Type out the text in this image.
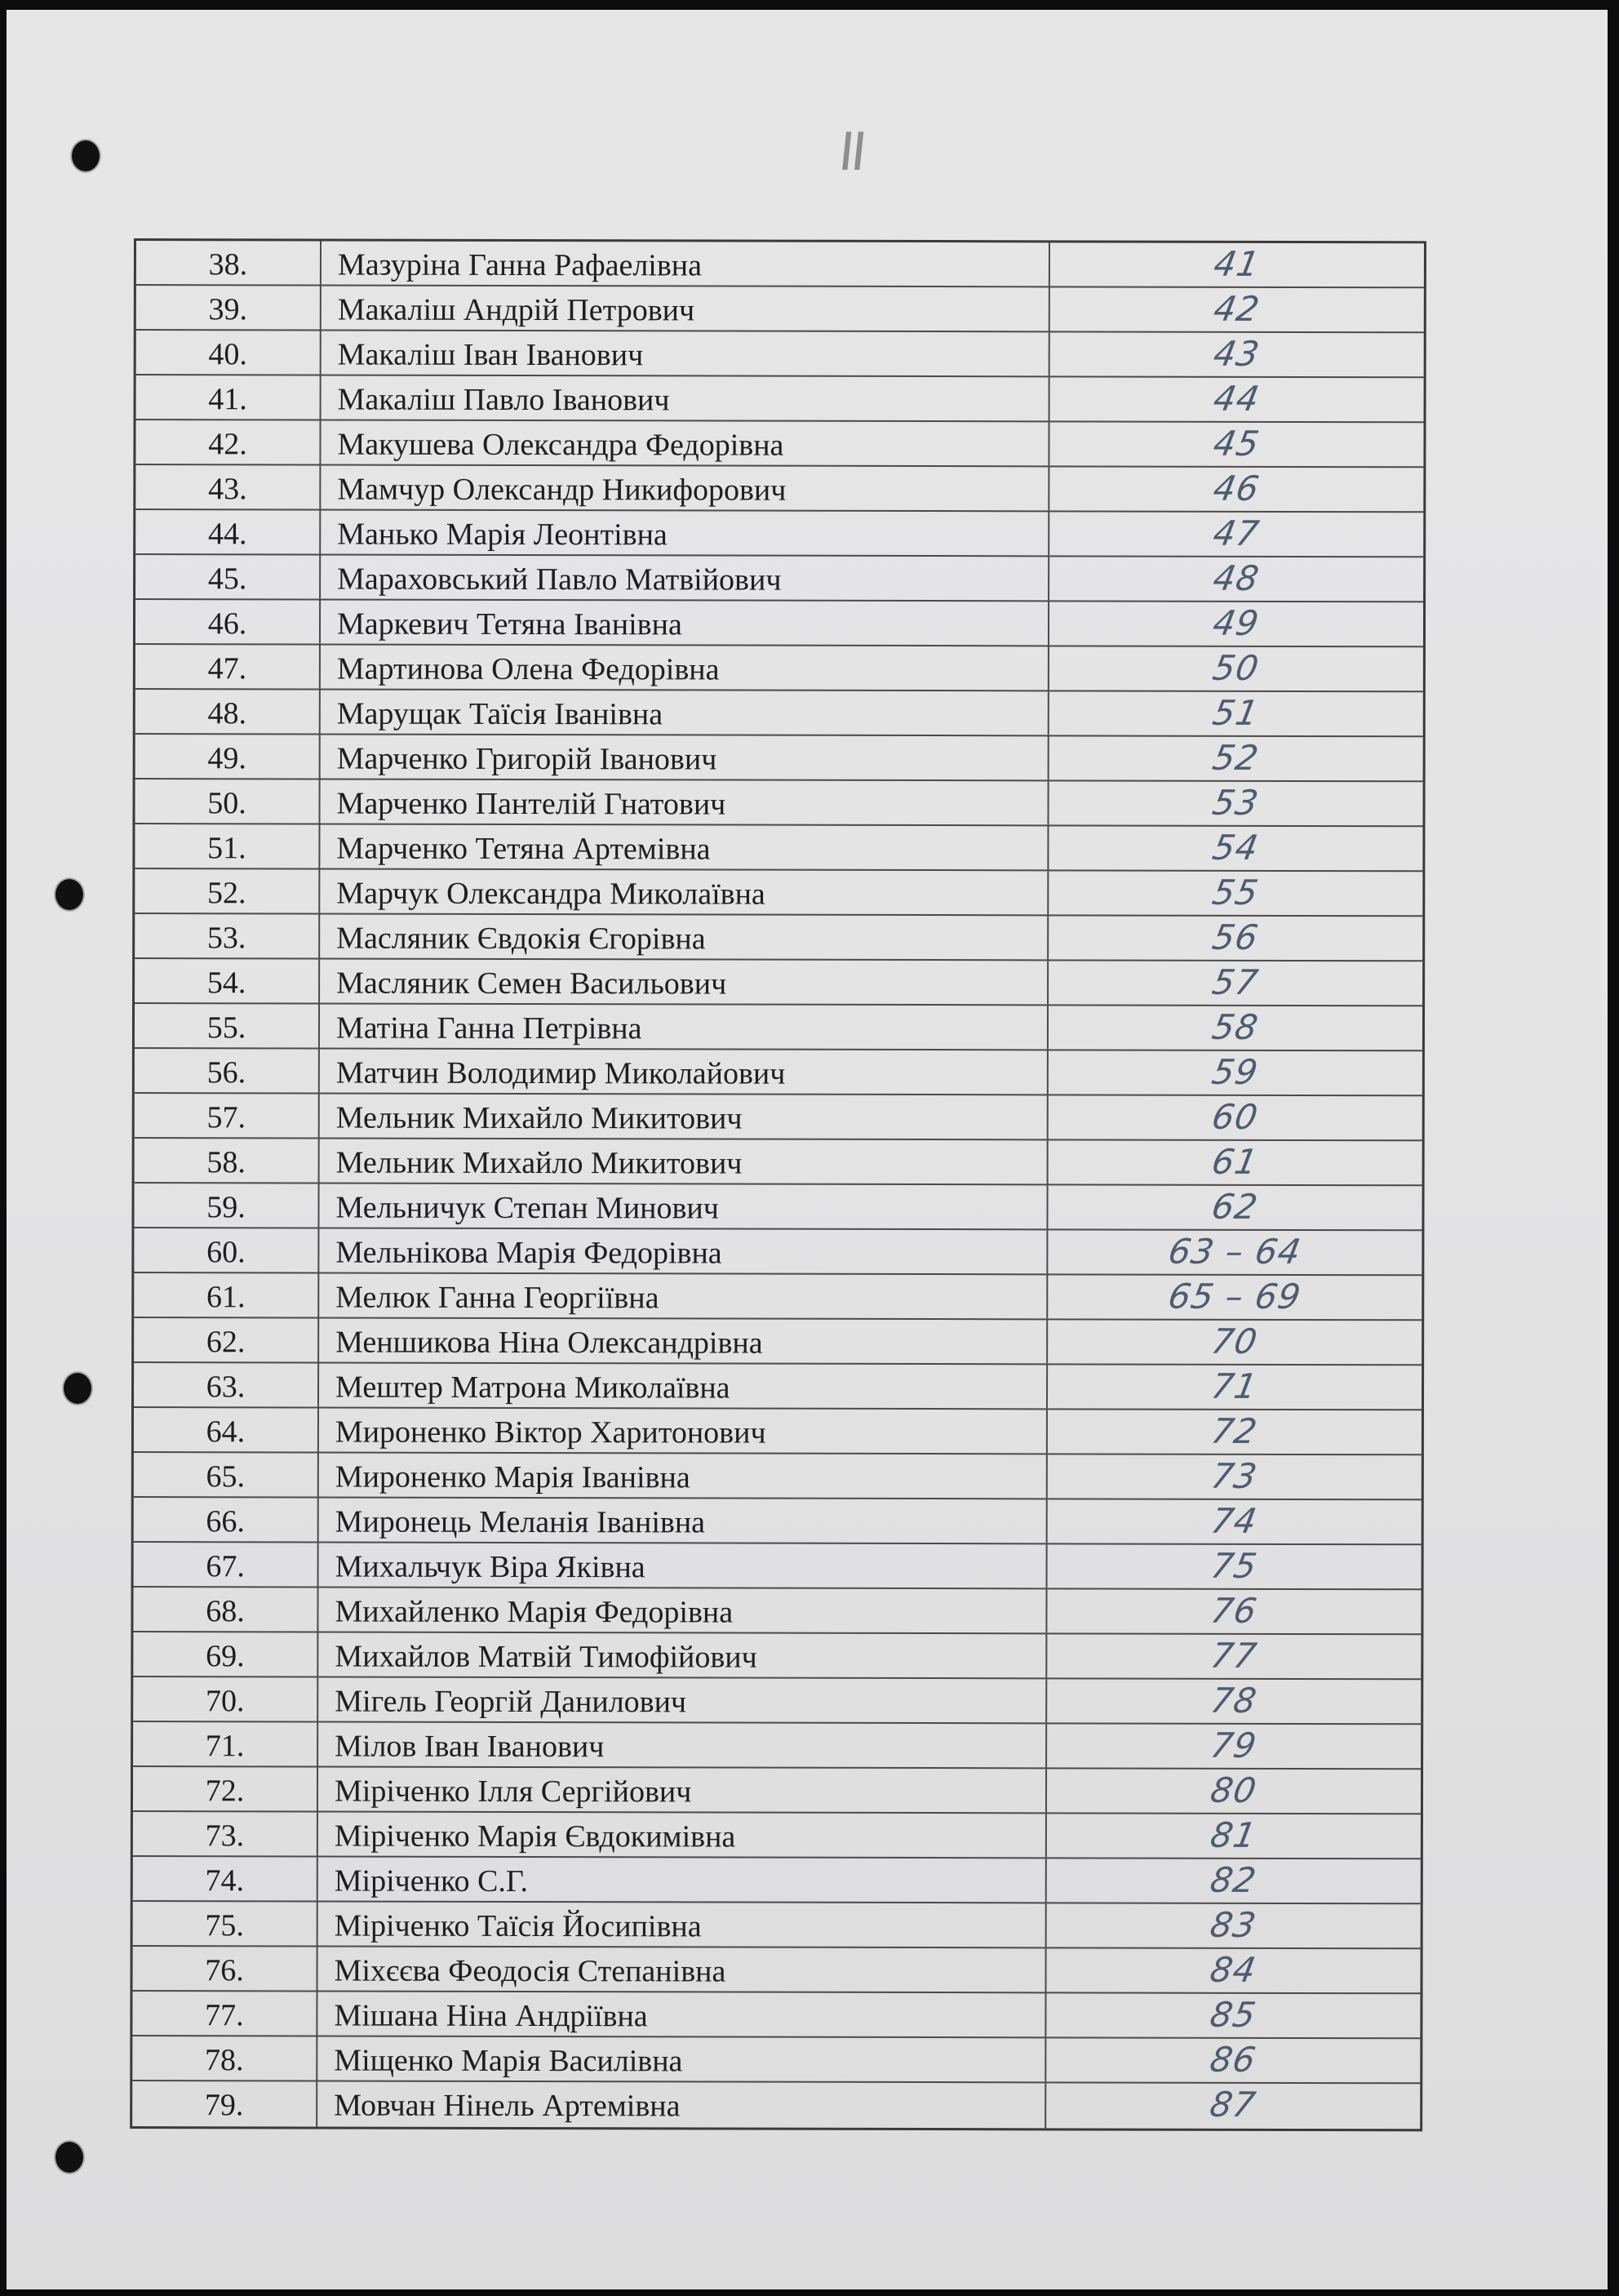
II
38.	Мазуріна Ганна Рафаелівна	41
39.	Макаліш Андрій Петрович	42
40.	Макаліш Іван Іванович	43
41.	Макаліш Павло Іванович	44
42.	Макушева Олександра Федорівна	45
43.	Мамчур Олександр Никифорович	46
44.	Манько Марія Леонтівна	47
45.	Мараховський Павло Матвійович	48
46.	Маркевич Тетяна Іванівна	49
47.	Мартинова Олена Федорівна	50
48.	Марущак Таїсія Іванівна	51
49.	Марченко Григорій Іванович	52
50.	Марченко Пантелій Гнатович	53
51.	Марченко Тетяна Артемівна	54
52.	Марчук Олександра Миколаївна	55
53.	Масляник Євдокія Єгорівна	56
54.	Масляник Семен Васильович	57
55.	Матіна Ганна Петрівна	58
56.	Матчин Володимир Миколайович	59
57.	Мельник Михайло Микитович	60
58.	Мельник Михайло Микитович	61
59.	Мельничук Степан Минович	62
60.	Мельнікова Марія Федорівна	63 – 64
61.	Мелюк Ганна Георгіївна	65 – 69
62.	Меншикова Ніна Олександрівна	70
63.	Мештер Матрона Миколаївна	71
64.	Мироненко Віктор Харитонович	72
65.	Мироненко Марія Іванівна	73
66.	Миронець Меланія Іванівна	74
67.	Михальчук Віра Яківна	75
68.	Михайленко Марія Федорівна	76
69.	Михайлов Матвій Тимофійович	77
70.	Мігель Георгій Данилович	78
71.	Мілов Іван Іванович	79
72.	Міріченко Ілля Сергійович	80
73.	Міріченко Марія Євдокимівна	81
74.	Міріченко С.Г.	82
75.	Міріченко Таїсія Йосипівна	83
76.	Міхєєва Феодосія Степанівна	84
77.	Мішана Ніна Андріївна	85
78.	Міщенко Марія Василівна	86
79.	Мовчан Нінель Артемівна	87
